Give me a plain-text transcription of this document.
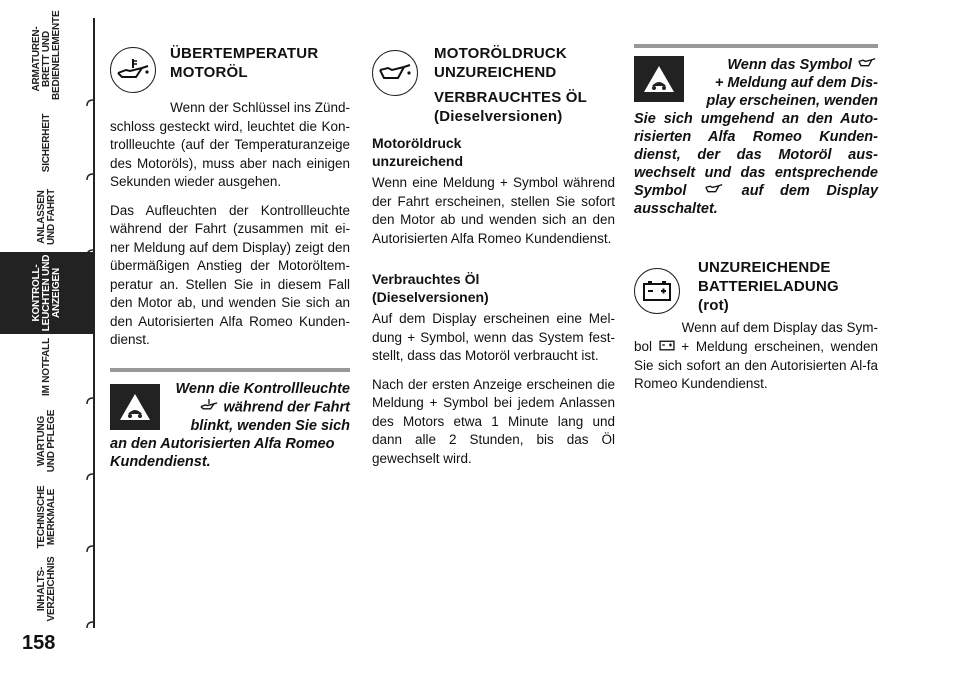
ARMATUREN-
BRETT UND
BEDIENELEMENTE
SICHERHEIT
ANLASSEN
UND FAHRT
KONTROLL-
LEUCHTEN UND
ANZEIGEN
IM NOTFALL
WARTUNG
UND PFLEGE
TECHNISCHE
MERKMALE
INHALTS-
VERZEICHNIS
158
ÜBERTEMPERATUR
MOTORÖL

Wenn der Schlüssel ins Zünd-

schloss gesteckt wird, leuchtet die Kon-trollleuchte (auf der Temperaturanzeige des Motoröls), muss aber nach einigen Sekunden wieder ausgehen.

Das Aufleuchten der Kontrollleuchte während der Fahrt (zusammen mit ei-ner Meldung auf dem Display) zeigt den übermäßigen Anstieg der Motoröltem-peratur an. Stellen Sie in diesem Fall den Motor ab, und wenden Sie sich an den Autorisierten Alfa Romeo Kunden-dienst.

Wenn die Kontrollleuchte
während der Fahrt
blinkt, wenden Sie sich
an den Autorisierten Alfa Romeo Kundendienst.
MOTORÖLDRUCK
UNZUREICHEND
VERBRAUCHTES ÖL
(Dieselversionen)
Motoröldruck
unzureichend

Wenn eine Meldung + Symbol während der Fahrt erscheinen, stellen Sie sofort den Motor ab und wenden sich an den Autorisierten Alfa Romeo Kundendienst.

Verbrauchtes Öl
(Dieselversionen)

Auf dem Display erscheinen eine Mel-dung + Symbol, wenn das System fest-stellt, dass das Motoröl verbraucht ist.

Nach der ersten Anzeige erscheinen die Meldung + Symbol bei jedem Anlassen des Motors etwa 1 Minute lang und dann alle 2 Stunden, bis das Öl gewechselt wird.

Wenn das Symbol
+ Meldung auf dem Dis-
play erscheinen, wenden
Sie sich umgehend an den Auto-risierten Alfa Romeo Kunden-dienst, der das Motoröl aus-wechselt und das entsprechende Symbol	auf dem Display ausschaltet.
UNZUREICHENDE
BATTERIELADUNG
(rot)

Wenn auf dem Display das Sym-

bol + Meldung erscheinen, wenden Sie sich sofort an den Autorisierten Al-fa Romeo Kundendienst.
